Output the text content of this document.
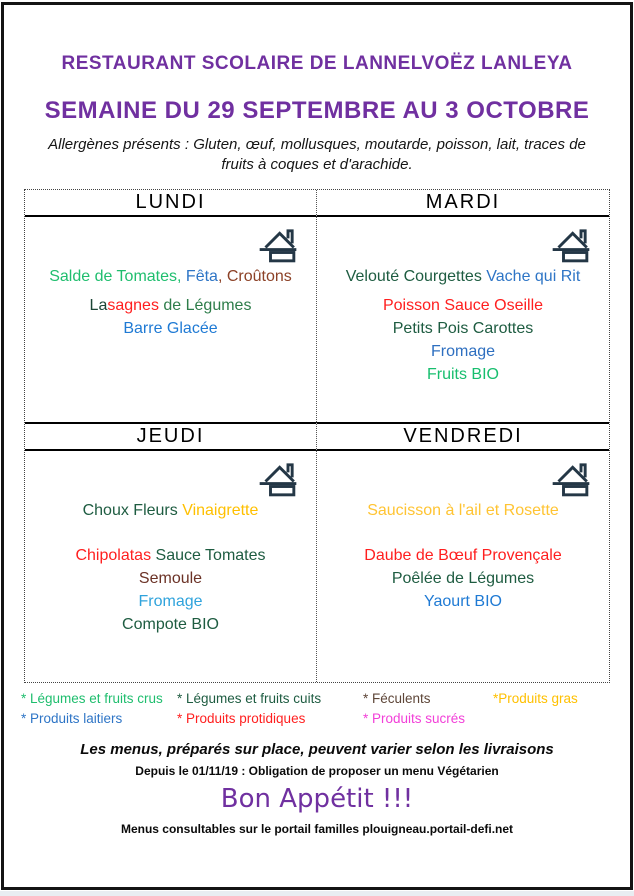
RESTAURANT SCOLAIRE DE LANNELVOËZ LANLEYA
SEMAINE DU 29 SEPTEMBRE AU 3 OCTOBRE
Allergènes présents : Gluten, œuf, mollusques, moutarde, poisson, lait, traces de fruits à coques et d'arachide.
LUNDI	MARDI
Salde de Tomates, Fêta, Croûtons
Lasagnes de Légumes
Barre Glacée
Velouté Courgettes Vache qui Rit
Poisson Sauce Oseille
Petits Pois Carottes
Fromage
Fruits BIO
JEUDI	VENDREDI
Choux Fleurs Vinaigrette
Chipolatas Sauce Tomates
Semoule
Fromage
Compote BIO
Saucisson à l'ail et Rosette
Daube de Bœuf Provençale
Poêlée de Légumes
Yaourt BIO
* Légumes et fruits crus	* Légumes et fruits cuits	* Féculents	*Produits gras
* Produits laitiers	* Produits protidiques	* Produits sucrés
Les menus, préparés sur place, peuvent varier selon les livraisons
Depuis le 01/11/19 : Obligation de proposer un menu Végétarien
Bon Appétit !!!
Menus consultables sur le portail familles plouigneau.portail-defi.net
